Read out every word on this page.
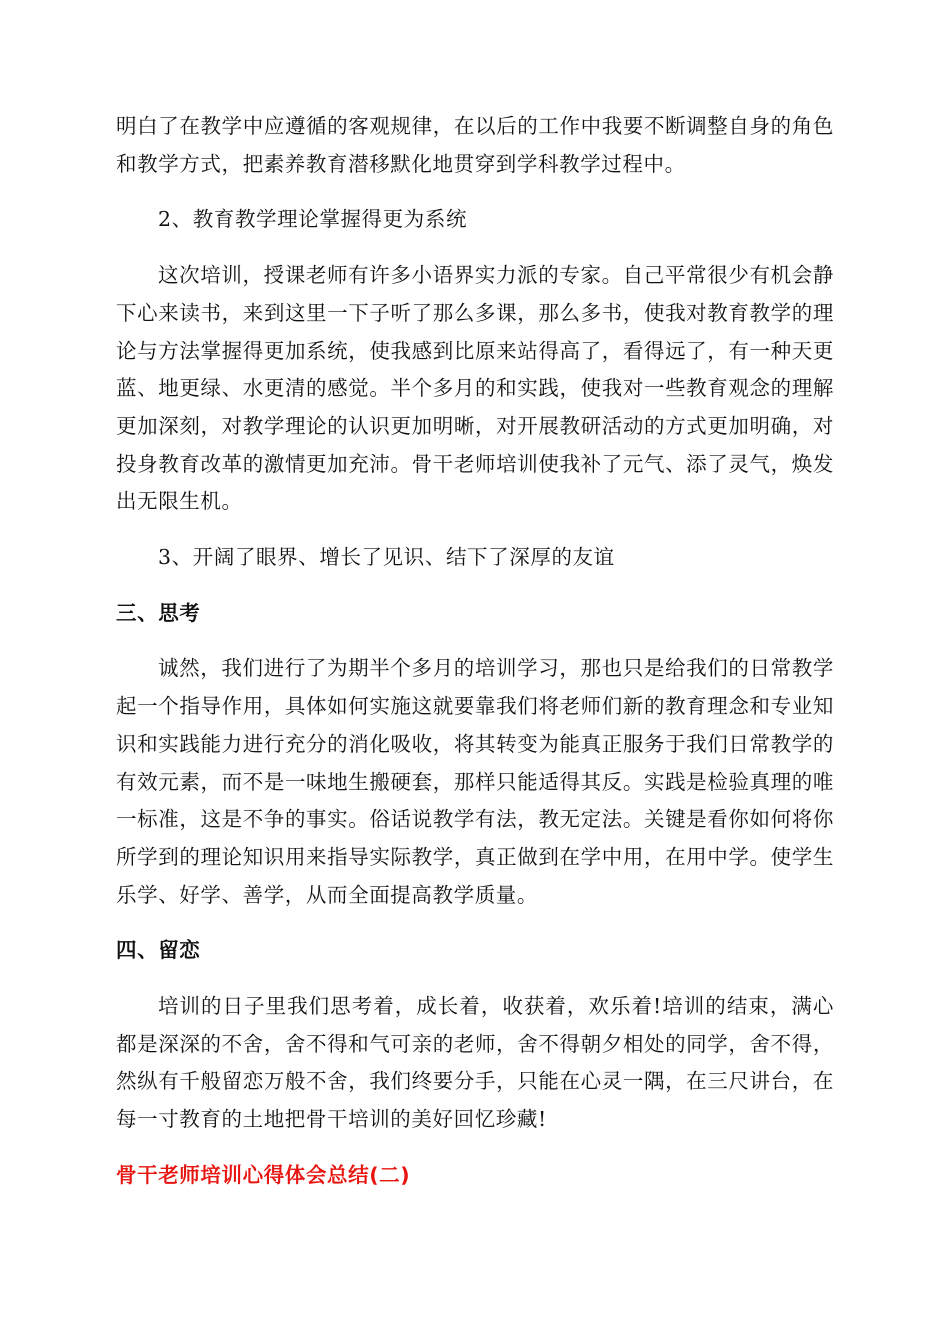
明白了在教学中应遵循的客观规律，在以后的工作中我要不断调整自身的角色和教学方式，把素养教育潜移默化地贯穿到学科教学过程中。

2、教育教学理论掌握得更为系统

这次培训，授课老师有许多小语界实力派的专家。自己平常很少有机会静下心来读书，来到这里一下子听了那么多课，那么多书，使我对教育教学的理论与方法掌握得更加系统，使我感到比原来站得高了，看得远了，有一种天更蓝、地更绿、水更清的感觉。半个多月的和实践，使我对一些教育观念的理解更加深刻，对教学理论的认识更加明晰，对开展教研活动的方式更加明确，对投身教育改革的激情更加充沛。骨干老师培训使我补了元气、添了灵气，焕发出无限生机。

3、开阔了眼界、增长了见识、结下了深厚的友谊

三、思考

诚然，我们进行了为期半个多月的培训学习，那也只是给我们的日常教学起一个指导作用，具体如何实施这就要靠我们将老师们新的教育理念和专业知识和实践能力进行充分的消化吸收，将其转变为能真正服务于我们日常教学的有效元素，而不是一味地生搬硬套，那样只能适得其反。实践是检验真理的唯一标准，这是不争的事实。俗话说教学有法，教无定法。关键是看你如何将你所学到的理论知识用来指导实际教学，真正做到在学中用，在用中学。使学生乐学、好学、善学，从而全面提高教学质量。

四、留恋

培训的日子里我们思考着，成长着，收获着，欢乐着!培训的结束，满心都是深深的不舍，舍不得和气可亲的老师，舍不得朝夕相处的同学，舍不得，然纵有千般留恋万般不舍，我们终要分手，只能在心灵一隅，在三尺讲台，在每一寸教育的土地把骨干培训的美好回忆珍藏!

骨干老师培训心得体会总结(二)
